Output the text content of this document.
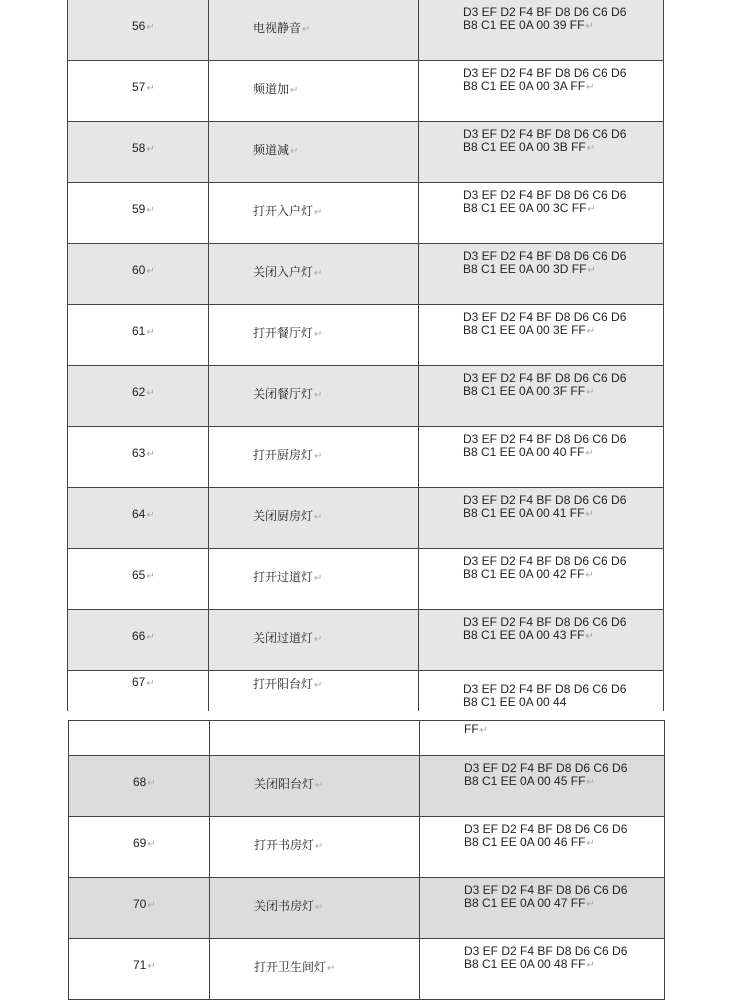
56↵	电视静音↵
D3 EF D2 F4 BF D8 D6 C6 D6 B8 C1 EE 0A 00 39 FF↵
57↵	频道加↵
D3 EF D2 F4 BF D8 D6 C6 D6 B8 C1 EE 0A 00 3A FF↵
58↵	频道减↵
D3 EF D2 F4 BF D8 D6 C6 D6 B8 C1 EE 0A 00 3B FF↵
59↵	打开入户灯↵
D3 EF D2 F4 BF D8 D6 C6 D6 B8 C1 EE 0A 00 3C FF↵
60↵	关闭入户灯↵
D3 EF D2 F4 BF D8 D6 C6 D6 B8 C1 EE 0A 00 3D FF↵
61↵	打开餐厅灯↵
D3 EF D2 F4 BF D8 D6 C6 D6 B8 C1 EE 0A 00 3E FF↵
62↵	关闭餐厅灯↵
D3 EF D2 F4 BF D8 D6 C6 D6 B8 C1 EE 0A 00 3F FF↵
63↵	打开厨房灯↵
D3 EF D2 F4 BF D8 D6 C6 D6 B8 C1 EE 0A 00 40 FF↵
64↵	关闭厨房灯↵
D3 EF D2 F4 BF D8 D6 C6 D6 B8 C1 EE 0A 00 41 FF↵
65↵	打开过道灯↵
D3 EF D2 F4 BF D8 D6 C6 D6 B8 C1 EE 0A 00 42 FF↵
66↵	关闭过道灯↵
D3 EF D2 F4 BF D8 D6 C6 D6 B8 C1 EE 0A 00 43 FF↵
67↵	打开阳台灯↵	D3 EF D2 F4 BF D8 D6 C6 D6 B8 C1 EE 0A 00 44
FF↵
68↵	关闭阳台灯↵
D3 EF D2 F4 BF D8 D6 C6 D6 B8 C1 EE 0A 00 45 FF↵
69↵	打开书房灯↵
D3 EF D2 F4 BF D8 D6 C6 D6 B8 C1 EE 0A 00 46 FF↵
70↵	关闭书房灯↵
D3 EF D2 F4 BF D8 D6 C6 D6 B8 C1 EE 0A 00 47 FF↵
71↵	打开卫生间灯↵
D3 EF D2 F4 BF D8 D6 C6 D6 B8 C1 EE 0A 00 48 FF↵
